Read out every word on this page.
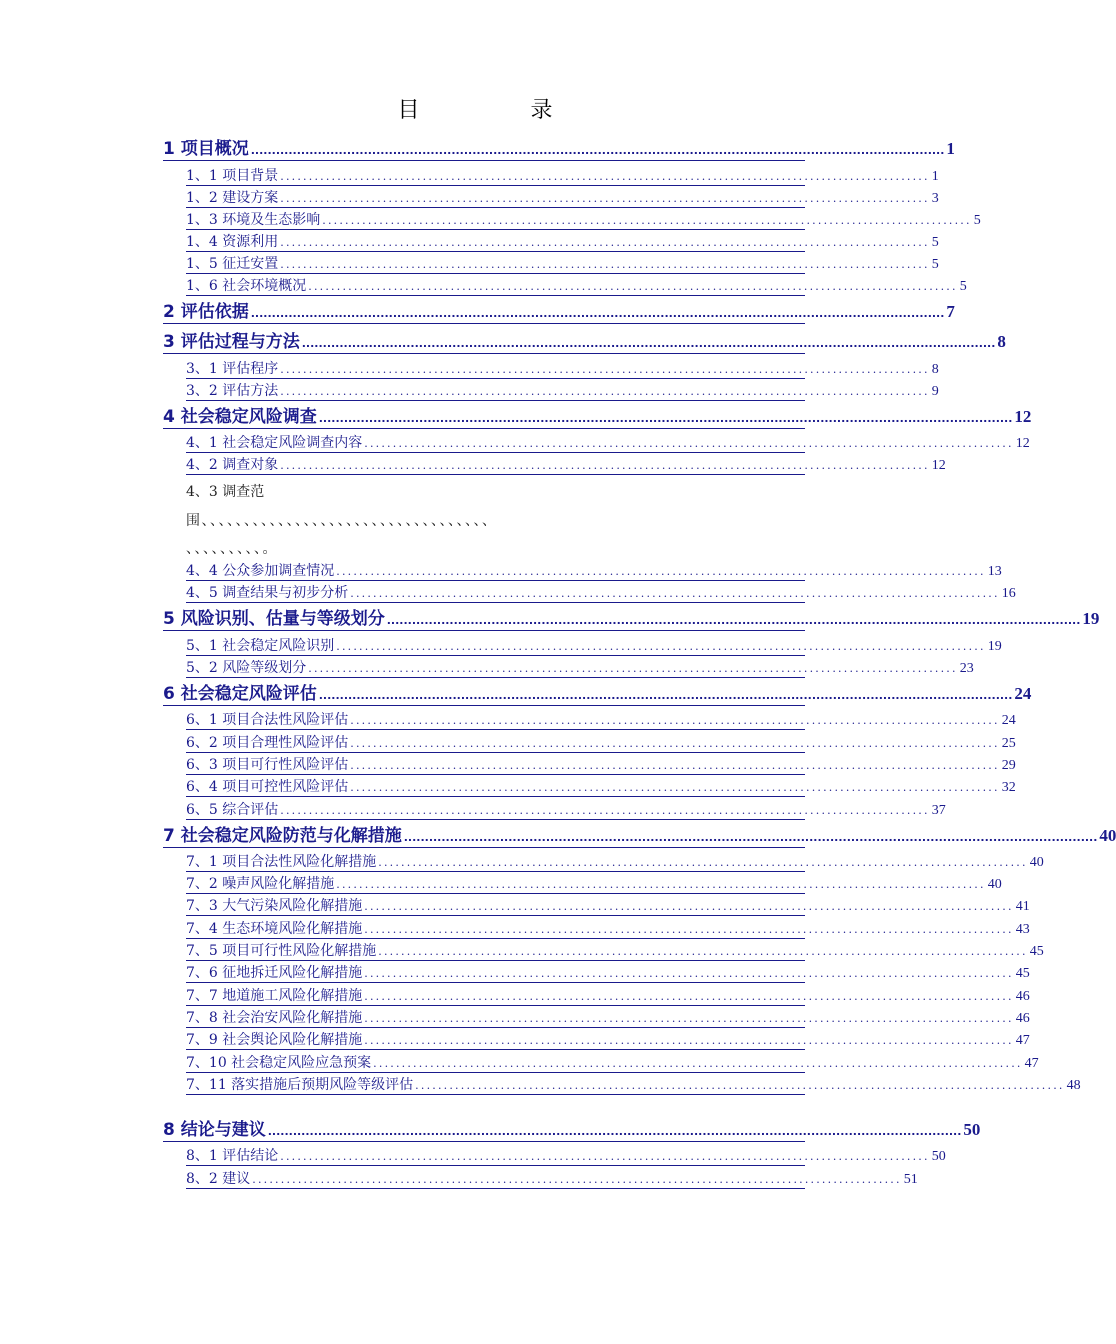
目 录
1 项目概况 ...................................................................................................................................................................... 1
1、1 项目背景 .................................................................................................................. 1
1、2 建设方案 .................................................................................................................. 3
1、3 环境及生态影响 .................................................................................................................. 5
1、4 资源利用 .................................................................................................................. 5
1、5 征迁安置 .................................................................................................................. 5
1、6 社会环境概况 .................................................................................................................. 5
2 评估依据 ...................................................................................................................................................................... 7
3 评估过程与方法 ...................................................................................................................................................................... 8
3、1 评估程序 .................................................................................................................. 8
3、2 评估方法 .................................................................................................................. 9
4 社会稳定风险调查 ...................................................................................................................................................................... 12
4、1 社会稳定风险调查内容 .................................................................................................................. 12
4、2 调查对象 .................................................................................................................. 12
4、3 调查范
围、、、、、、、、、、、、、、、、、、、、、、、、、、、、、、、、、、
、、、、、、、、、。
4、4 公众参加调查情况 .................................................................................................................. 13
4、5 调查结果与初步分析 .................................................................................................................. 16
5 风险识别、估量与等级划分 ...................................................................................................................................................................... 19
5、1 社会稳定风险识别 .................................................................................................................. 19
5、2 风险等级划分 .................................................................................................................. 23
6 社会稳定风险评估 ...................................................................................................................................................................... 24
6、1 项目合法性风险评估 .................................................................................................................. 24
6、2 项目合理性风险评估 .................................................................................................................. 25
6、3 项目可行性风险评估 .................................................................................................................. 29
6、4 项目可控性风险评估 .................................................................................................................. 32
6、5 综合评估 .................................................................................................................. 37
7 社会稳定风险防范与化解措施 ...................................................................................................................................................................... 40
7、1 项目合法性风险化解措施 .................................................................................................................. 40
7、2 噪声风险化解措施 .................................................................................................................. 40
7、3 大气污染风险化解措施 .................................................................................................................. 41
7、4 生态环境风险化解措施 .................................................................................................................. 43
7、5 项目可行性风险化解措施 .................................................................................................................. 45
7、6 征地拆迁风险化解措施 .................................................................................................................. 45
7、7 地道施工风险化解措施 .................................................................................................................. 46
7、8 社会治安风险化解措施 .................................................................................................................. 46
7、9 社会舆论风险化解措施 .................................................................................................................. 47
7、10 社会稳定风险应急预案 .................................................................................................................. 47
7、11 落实措施后预期风险等级评估 .................................................................................................................. 48
8 结论与建议 ...................................................................................................................................................................... 50
8、1 评估结论 .................................................................................................................. 50
8、2 建议 .................................................................................................................. 51
